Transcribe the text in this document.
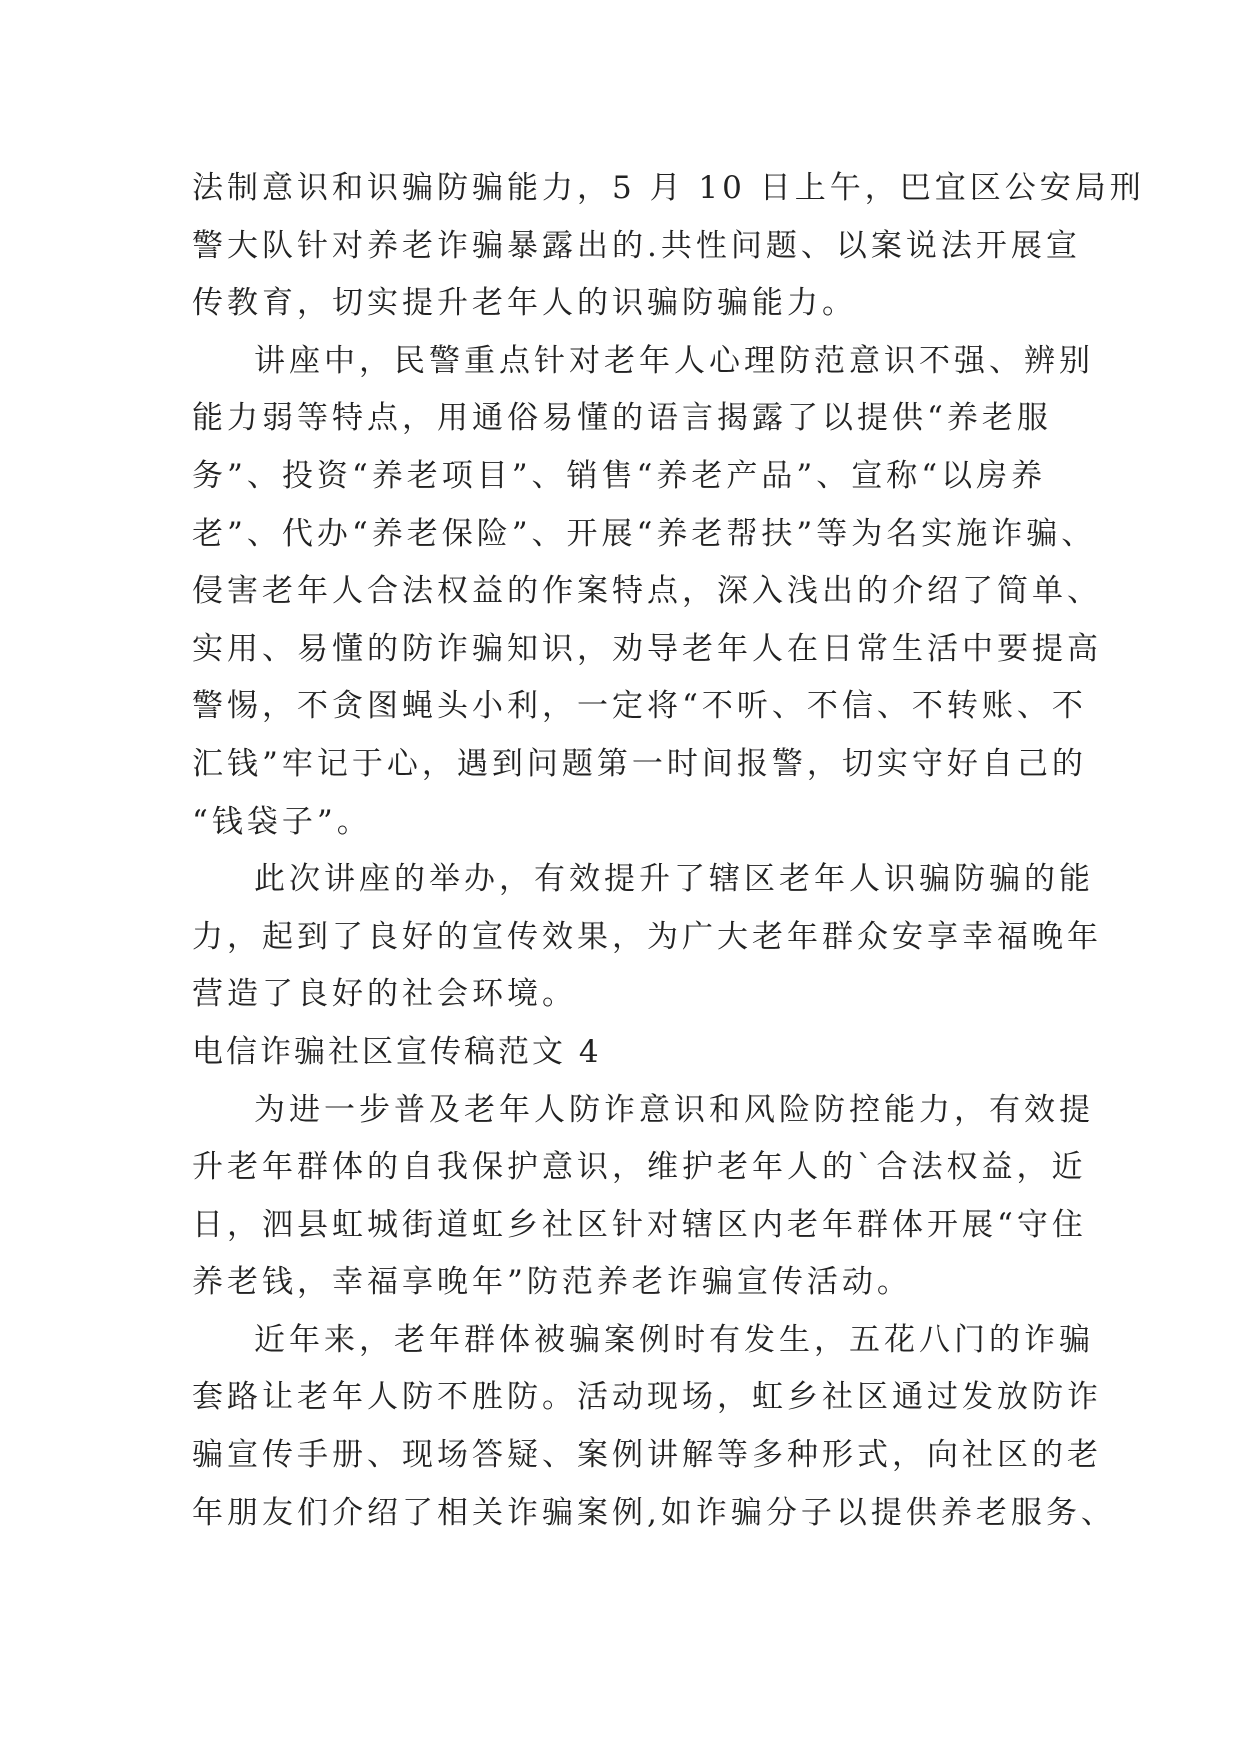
法制意识和识骗防骗能力，5 月 10 日上午，巴宜区公安局刑
警大队针对养老诈骗暴露出的.共性问题、以案说法开展宣
传教育，切实提升老年人的识骗防骗能力。
讲座中，民警重点针对老年人心理防范意识不强、辨别
能力弱等特点，用通俗易懂的语言揭露了以提供“养老服
务”、投资“养老项目”、销售“养老产品”、宣称“以房养
老”、代办“养老保险”、开展“养老帮扶”等为名实施诈骗、
侵害老年人合法权益的作案特点，深入浅出的介绍了简单、
实用、易懂的防诈骗知识，劝导老年人在日常生活中要提高
警惕，不贪图蝇头小利，一定将“不听、不信、不转账、不
汇钱”牢记于心，遇到问题第一时间报警，切实守好自己的
“钱袋子”。
此次讲座的举办，有效提升了辖区老年人识骗防骗的能
力，起到了良好的宣传效果，为广大老年群众安享幸福晚年
营造了良好的社会环境。
电信诈骗社区宣传稿范文 4
为进一步普及老年人防诈意识和风险防控能力，有效提
升老年群体的自我保护意识，维护老年人的`合法权益，近
日，泗县虹城街道虹乡社区针对辖区内老年群体开展“守住
养老钱，幸福享晚年”防范养老诈骗宣传活动。
近年来，老年群体被骗案例时有发生，五花八门的诈骗
套路让老年人防不胜防。活动现场，虹乡社区通过发放防诈
骗宣传手册、现场答疑、案例讲解等多种形式，向社区的老
年朋友们介绍了相关诈骗案例,如诈骗分子以提供养老服务、
